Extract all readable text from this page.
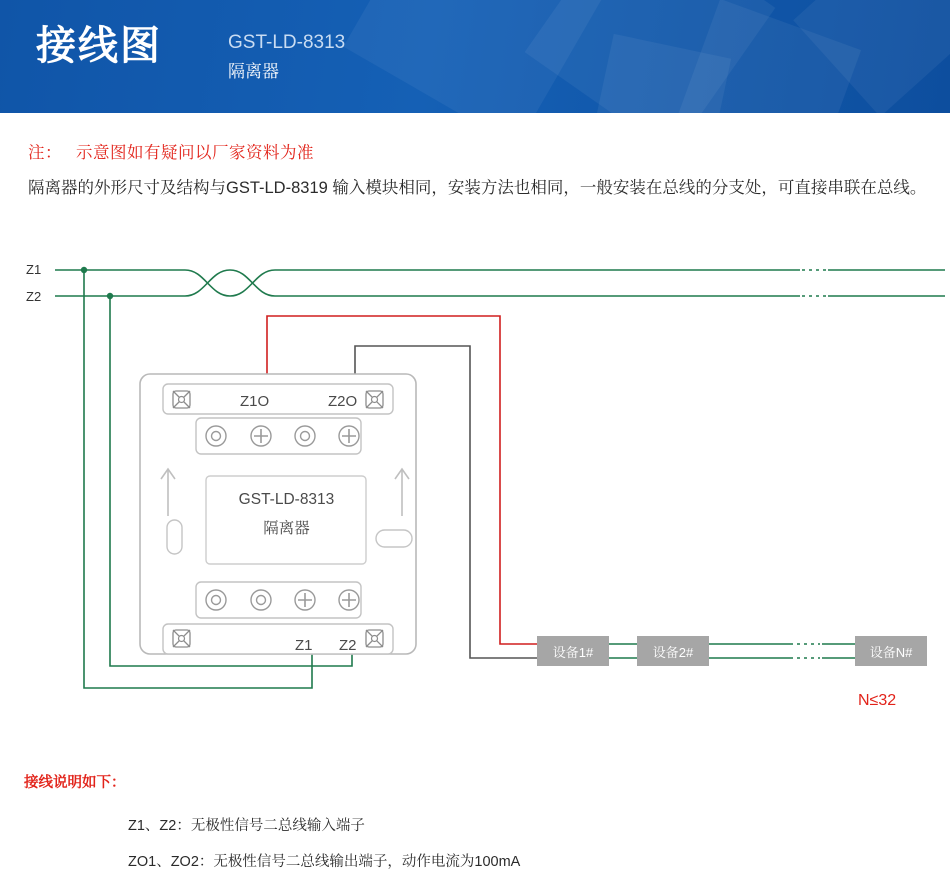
接线图	GST-LD-8313
隔离器
注： 示意图如有疑问以厂家资料为准
隔离器的外形尺寸及结构与GST-LD-8319 输入模块相同，安装方法也相同，一般安装在总线的分支处，可直接串联在总线。
Z1
Z2
GST-LD-8313
隔离器
Z1O	Z2O
Z1 Z2	设备1#	设备2#	设备N#
N≤32
接线说明如下：
Z1、Z2：无极性信号二总线输入端子
ZO1、ZO2：无极性信号二总线输出端子，动作电流为100mA
